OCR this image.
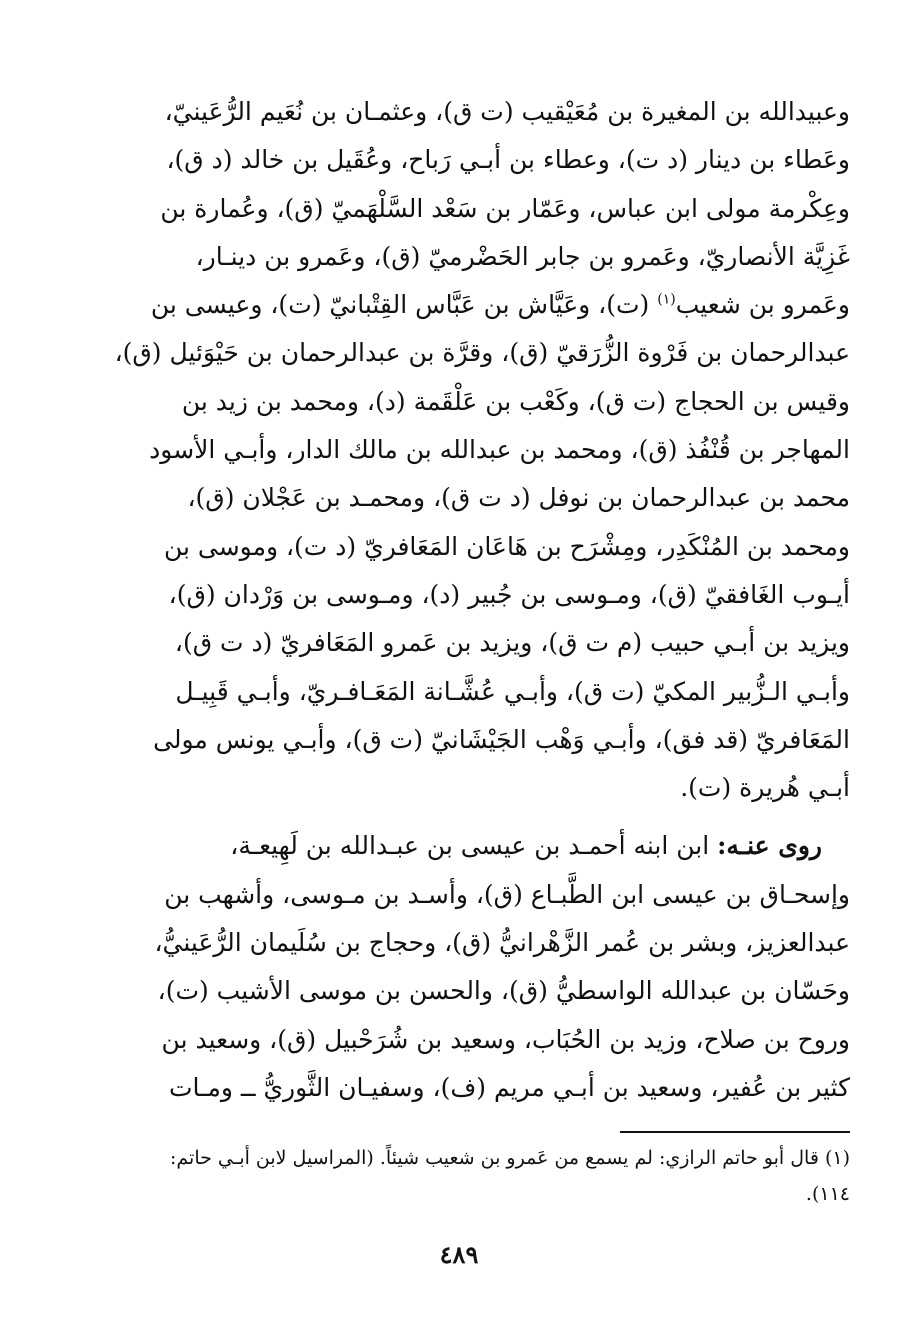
وعبيدالله بن المغيرة بن مُعَيْقيب (ت ق)، وعثمـان بن نُعَيم الرُّعَينيّ،
وعَطاء بن دينار (د ت)، وعطاء بن أبـي رَباح، وعُقَيل بن خالد (د ق)،
وعِكْرمة مولى ابن عباس، وعَمّار بن سَعْد السَّلْهَميّ (ق)، وعُمارة بن
غَزِيَّة الأنصاريّ، وعَمرو بن جابر الحَضْرميّ (ق)، وعَمرو بن دينـار،
وعَمرو بن شعيب$^{(١)}$ (ت)، وعَيَّاش بن عَبَّاس القِتْبانيّ (ت)، وعيسى بن
عبدالرحمان بن فَرْوة الزُّرَقيّ (ق)، وقرَّة بن عبدالرحمان بن حَيْوَئيل (ق)،
وقيس بن الحجاج (ت ق)، وكَعْب بن عَلْقَمة (د)، ومحمد بن زيد بن
المهاجر بن قُنْفُذ (ق)، ومحمد بن عبدالله بن مالك الدار، وأبـي الأسود
محمد بن عبدالرحمان بن نوفل (د ت ق)، ومحمـد بن عَجْلان (ق)،
ومحمد بن المُنْكَدِر، ومِشْرَح بن هَاعَان المَعَافريّ (د ت)، وموسى بن
أيـوب الغَافقيّ (ق)، ومـوسى بن جُبير (د)، ومـوسى بن وَرْدان (ق)،
ويزيد بن أبـي حبيب (م ت ق)، ويزيد بن عَمرو المَعَافريّ (د ت ق)،
وأبـي الـزُّبير المكيّ (ت ق)، وأبـي عُشَّـانة المَعَـافـريّ، وأبـي قَبِيـل
المَعَافريّ (قد فق)، وأبـي وَهْب الجَيْشَانيّ (ت ق)، وأبـي يونس مولى
أبـي هُريرة (ت).
روى عنـه: ابن ابنه أحمـد بن عيسى بن عبـدالله بن لَهِيعـة،
وإسحـاق بن عيسى ابن الطَّبـاع (ق)، وأسـد بن مـوسى، وأشهب بن
عبدالعزيز، وبشر بن عُمر الزَّهْرانيُّ (ق)، وحجاج بن سُلَيمان الرُّعَينيُّ،
وحَسّان بن عبدالله الواسطيُّ (ق)، والحسن بن موسى الأشيب (ت)،
وروح بن صلاح، وزيد بن الحُبَاب، وسعيد بن شُرَحْبيل (ق)، وسعيد بن
كثير بن عُفير، وسعيد بن أبـي مريم (ف)، وسفيـان الثَّوريُّ ــ ومـات
(١) قال أبو حاتم الرازي: لم يسمع من عَمرو بن شعيب شيئاً. (المراسيل لابن أبـي حاتم:
١١٤).
٤٨٩
